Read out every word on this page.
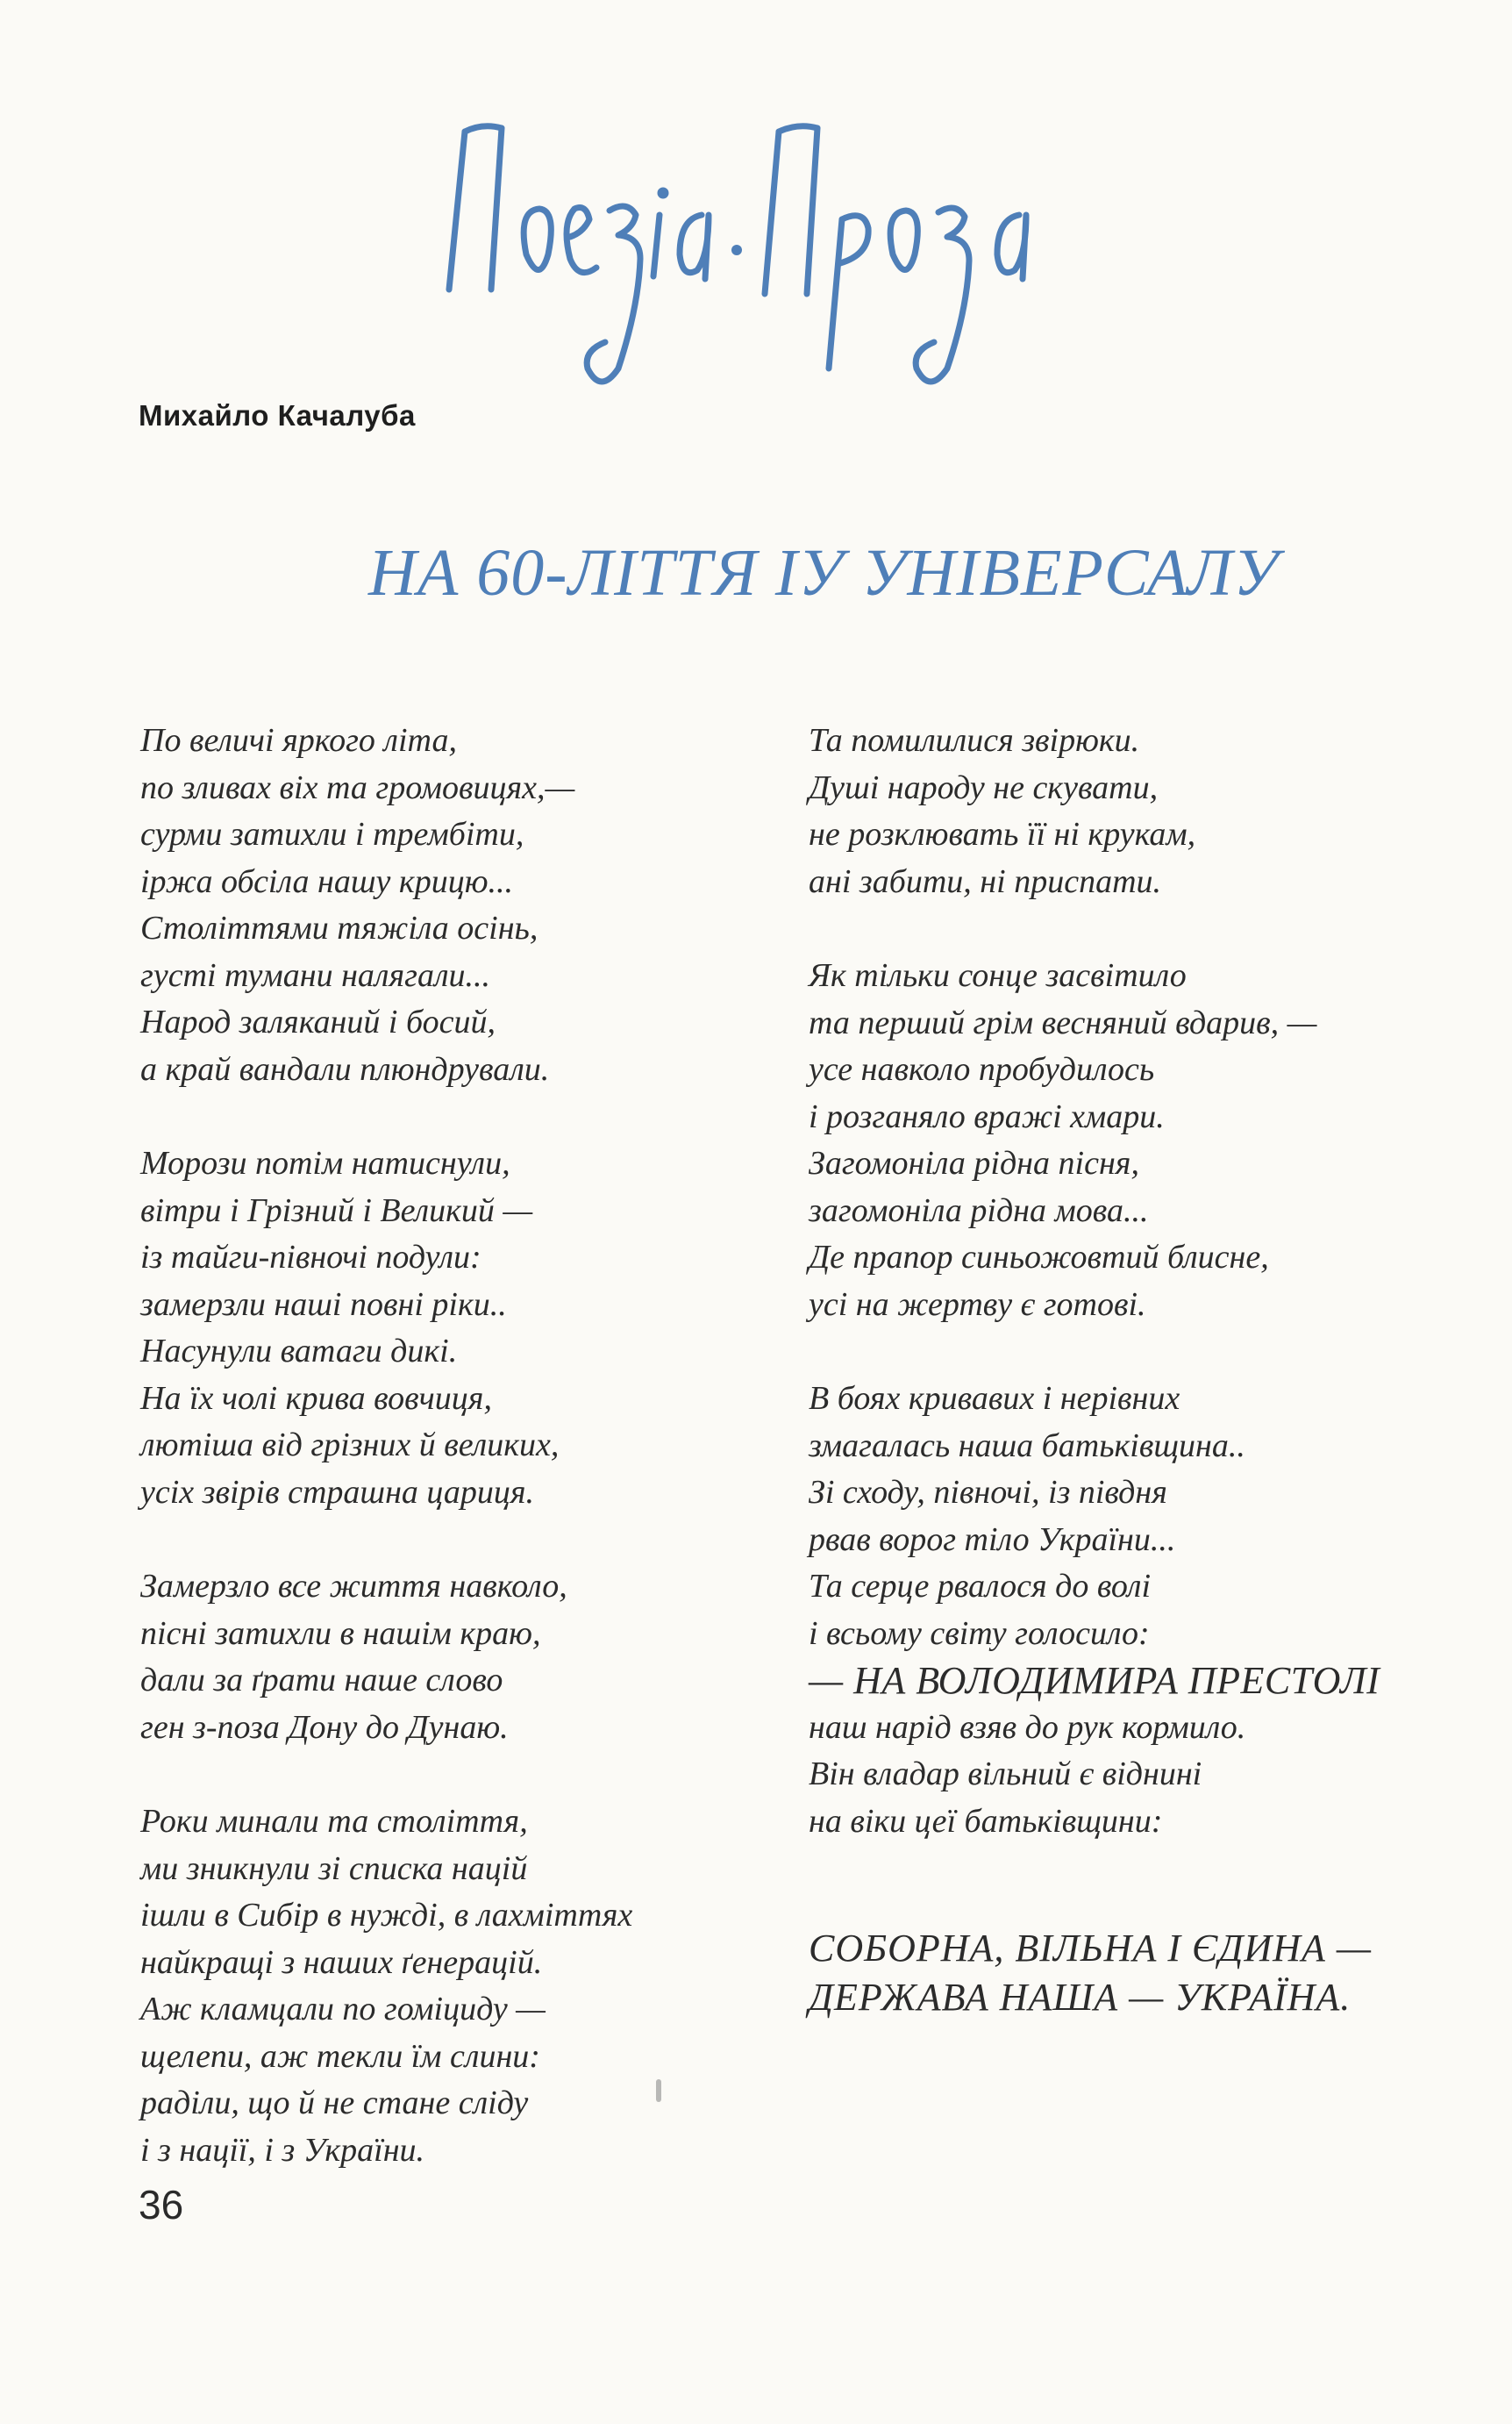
Михайло Качалуба
НА 60-ЛІТТЯ ІУ УНІВЕРСАЛУ
По величі яркого літа,
по зливах віх та громовицях,—
сурми затихли і трембіти,
іржа обсіла нашу крицю...
Століттями тяжіла осінь,
густі тумани налягали...
Народ заляканий і босий,
а край вандали плюндрували.
Морози потім натиснули,
вітри і Грізний і Великий —
із тайги-півночі подули:
замерзли наші повні ріки..
Насунули ватаги дикі.
На їх чолі крива вовчиця,
лютіша від грізних й великих,
усіх звірів страшна цариця.
Замерзло все життя навколо,
пісні затихли в нашім краю,
дали за ґрати наше слово
ген з-поза Дону до Дунаю.
Роки минали та століття,
ми зникнули зі списка націй
ішли в Сибір в нужді, в лахміттях
найкращі з наших ґенерацій.
Аж кламцали по гоміциду —
щелепи, аж текли їм слини:
раділи, що й не стане сліду
і з нації, і з України.
Та помилилися звірюки.
Душі народу не скувати,
не розклювать її ні крукам,
ані забити, ні приспати.
Як тільки сонце засвітило
та перший грім весняний вдарив, —
усе навколо пробудилось
і розганяло вражі хмари.
Загомоніла рідна пісня,
загомоніла рідна мова...
Де прапор синьожовтий блисне,
усі на жертву є готові.
В боях кривавих і нерівних
змагалась наша батьківщина..
Зі сходу, півночі, із півдня
рвав ворог тіло України...
Та серце рвалося до волі
і всьому світу голосило:
— НА ВОЛОДИМИРА ПРЕСТОЛІ
наш нарід взяв до рук кормило.
Він владар вільний є віднині
на віки цеї батьківщини:
СОБОРНА, ВІЛЬНА І ЄДИНА —
ДЕРЖАВА НАША — УКРАЇНА.
36
